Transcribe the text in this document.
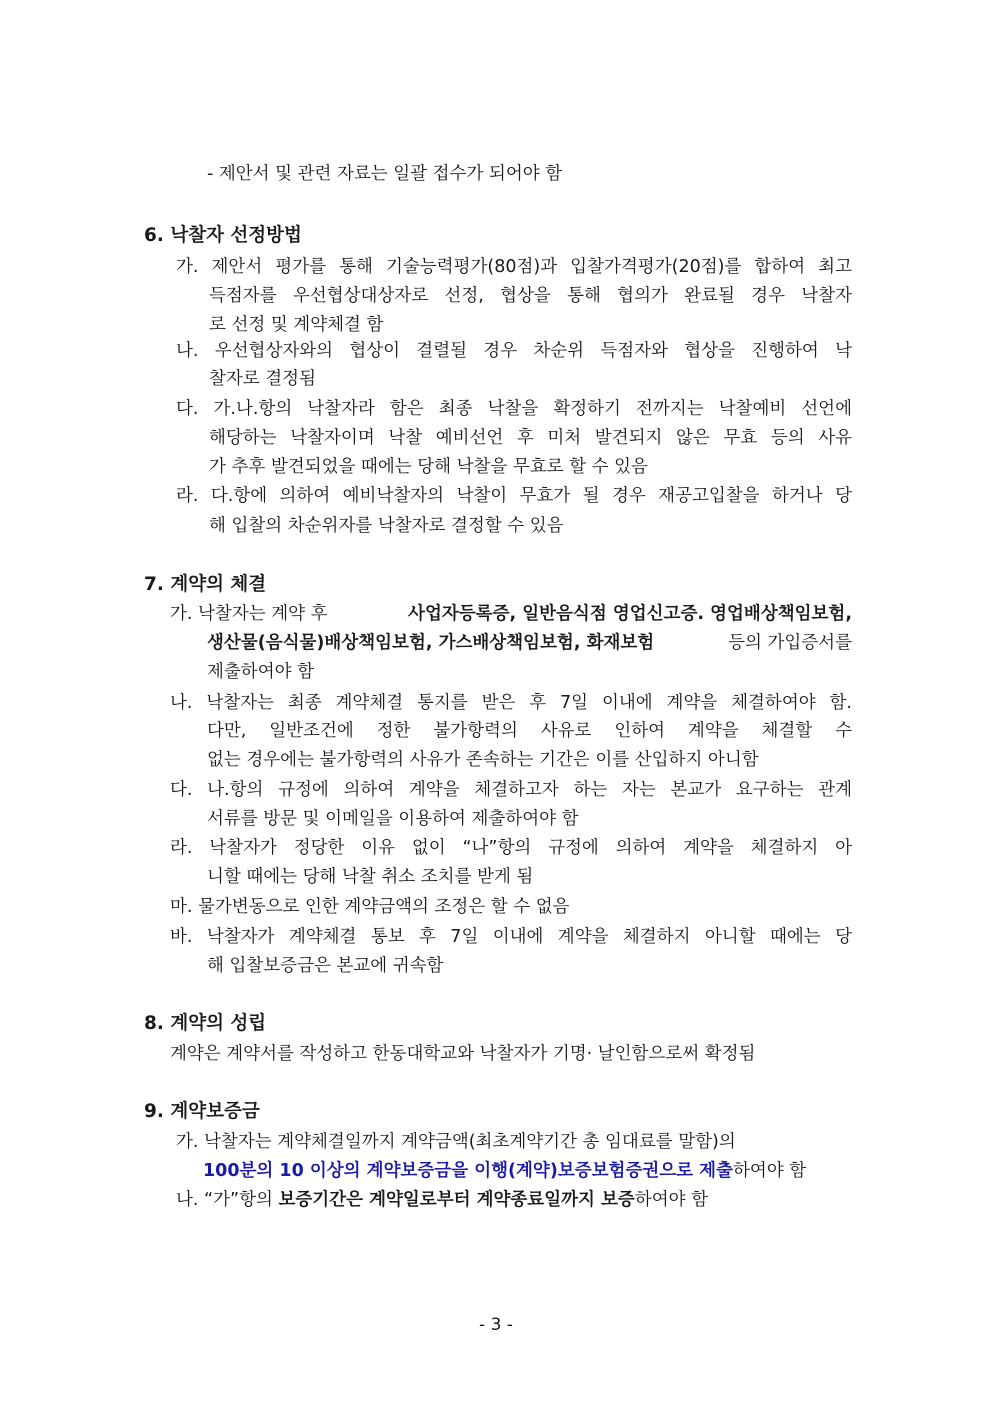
- 제안서 및 관련 자료는 일괄 접수가 되어야 함
6. 낙찰자 선정방법
가. 제안서 평가를 통해 기술능력평가(80점)과 입찰가격평가(20점)를 합하여 최고
득점자를 우선협상대상자로 선정, 협상을 통해 협의가 완료될 경우 낙찰자
로 선정 및 계약체결 함
나. 우선협상자와의 협상이 결렬될 경우 차순위 득점자와 협상을 진행하여 낙
찰자로 결정됨
다. 가.나.항의 낙찰자라 함은 최종 낙찰을 확정하기 전까지는 낙찰예비 선언에
해당하는 낙찰자이며 낙찰 예비선언 후 미처 발견되지 않은 무효 등의 사유
가 추후 발견되었을 때에는 당해 낙찰을 무효로 할 수 있음
라. 다.항에 의하여 예비낙찰자의 낙찰이 무효가 될 경우 재공고입찰을 하거나 당
해 입찰의 차순위자를 낙찰자로 결정할 수 있음
7. 계약의 체결
가. 낙찰자는 계약 후	사업자등록증, 일반음식점 영업신고증. 영업배상책임보험,
생산물(음식물)배상책임보험, 가스배상책임보험, 화재보험	등의 가입증서를
제출하여야 함
나. 낙찰자는 최종 계약체결 통지를 받은 후 7일 이내에 계약을 체결하여야 함.
다만, 일반조건에 정한 불가항력의 사유로 인하여 계약을 체결할 수
없는 경우에는 불가항력의 사유가 존속하는 기간은 이를 산입하지 아니함
다. 나.항의 규정에 의하여 계약을 체결하고자 하는 자는 본교가 요구하는 관계
서류를 방문 및 이메일을 이용하여 제출하여야 함
라. 낙찰자가 정당한 이유 없이 “나”항의 규정에 의하여 계약을 체결하지 아
니할 때에는 당해 낙찰 취소 조치를 받게 됨
마. 물가변동으로 인한 계약금액의 조정은 할 수 없음
바. 낙찰자가 계약체결 통보 후 7일 이내에 계약을 체결하지 아니할 때에는 당
해 입찰보증금은 본교에 귀속함
8. 계약의 성립
계약은 계약서를 작성하고 한동대학교와 낙찰자가 기명· 날인함으로써 확정됨
9. 계약보증금
가. 낙찰자는 계약체결일까지 계약금액(최초계약기간 총 임대료를 말함)의
100분의 10 이상의 계약보증금을 이행(계약)보증보험증권으로 제출하여야 함
나. “가”항의 보증기간은 계약일로부터 계약종료일까지 보증하여야 함
- 3 -
